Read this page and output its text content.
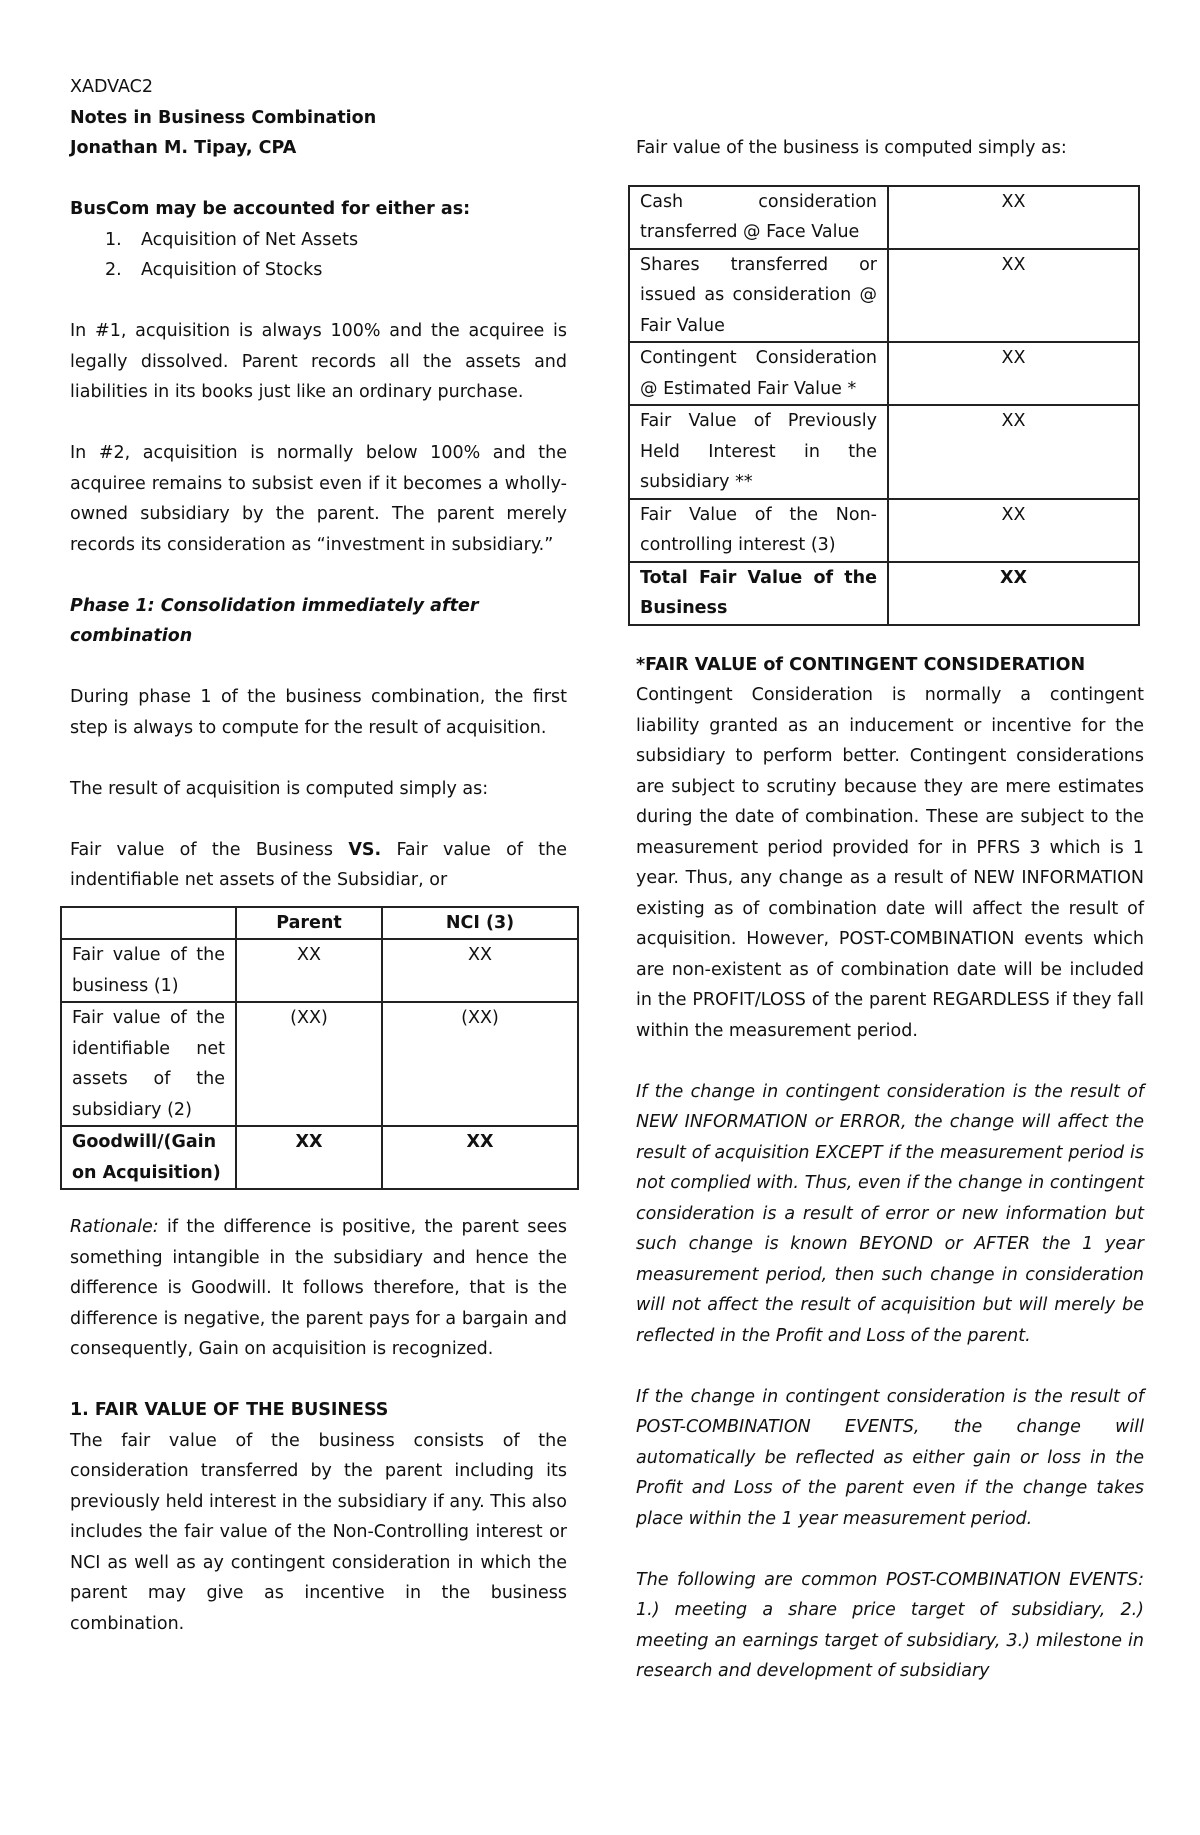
XADVAC2

Notes in Business Combination

Jonathan M. Tipay, CPA

BusCom may be accounted for either as:

1. Acquisition of Net Assets
2. Acquisition of Stocks

In #1, acquisition is always 100% and the acquiree is legally dissolved. Parent records all the assets and liabilities in its books just like an ordinary purchase.

In #2, acquisition is normally below 100% and the acquiree remains to subsist even if it becomes a wholly-owned subsidiary by the parent. The parent merely records its consideration as “investment in subsidiary.”

Phase 1: Consolidation immediately after combination

During phase 1 of the business combination, the first step is always to compute for the result of acquisition.

The result of acquisition is computed simply as:

Fair value of the Business VS. Fair value of the indentifiable net assets of the Subsidiar, or

	Parent	NCI (3)
Fair value of the business (1)	XX	XX
Fair value of the identifiable net assets of the subsidiary (2)	(XX)	(XX)
Goodwill/(Gain on Acquisition)	XX	XX

Rationale: if the difference is positive, the parent sees something intangible in the subsidiary and hence the difference is Goodwill. It follows therefore, that is the difference is negative, the parent pays for a bargain and consequently, Gain on acquisition is recognized.

1. FAIR VALUE OF THE BUSINESS

The fair value of the business consists of the consideration transferred by the parent including its previously held interest in the subsidiary if any. This also includes the fair value of the Non-Controlling interest or NCI as well as ay contingent consideration in which the parent may give as incentive in the business combination.

Fair value of the business is computed simply as:

Cash consideration transferred @ Face Value	XX
Shares transferred or issued as consideration @ Fair Value	XX
Contingent Consideration @ Estimated Fair Value *	XX
Fair Value of Previously Held Interest in the subsidiary **	XX
Fair Value of the Non-controlling interest (3)	XX
Total Fair Value of the Business	XX

*FAIR VALUE of CONTINGENT CONSIDERATION

Contingent Consideration is normally a contingent liability granted as an inducement or incentive for the subsidiary to perform better. Contingent considerations are subject to scrutiny because they are mere estimates during the date of combination. These are subject to the measurement period provided for in PFRS 3 which is 1 year. Thus, any change as a result of NEW INFORMATION existing as of combination date will affect the result of acquisition. However, POST-COMBINATION events which are non-existent as of combination date will be included in the PROFIT/LOSS of the parent REGARDLESS if they fall within the measurement period.

If the change in contingent consideration is the result of NEW INFORMATION or ERROR, the change will affect the result of acquisition EXCEPT if the measurement period is not complied with. Thus, even if the change in contingent consideration is a result of error or new information but such change is known BEYOND or AFTER the 1 year measurement period, then such change in consideration will not affect the result of acquisition but will merely be reflected in the Profit and Loss of the parent.

If the change in contingent consideration is the result of POST-COMBINATION EVENTS, the change will automatically be reflected as either gain or loss in the Profit and Loss of the parent even if the change takes place within the 1 year measurement period.

The following are common POST-COMBINATION EVENTS: 1.) meeting a share price target of subsidiary, 2.) meeting an earnings target of subsidiary, 3.) milestone in research and development of subsidiary
